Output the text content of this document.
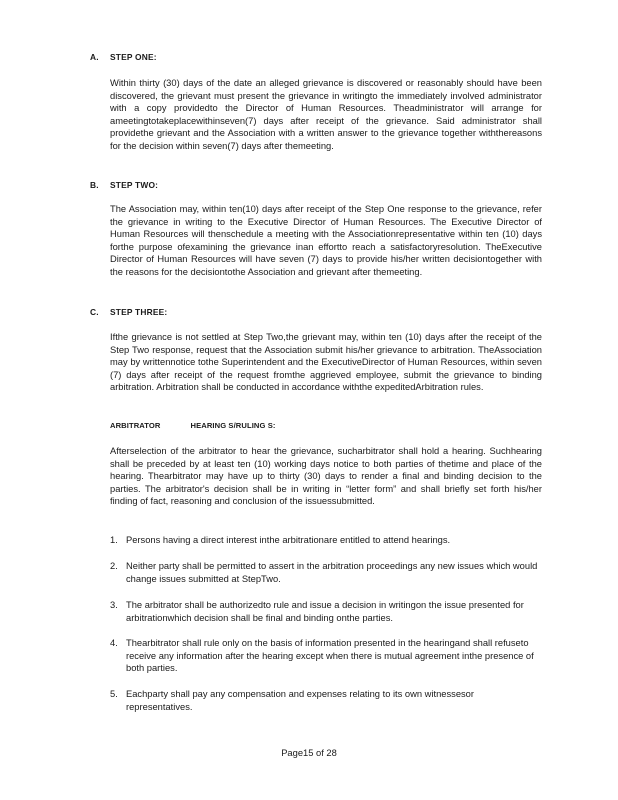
A. STEP ONE:
Within thirty (30) days of the date an alleged grievance is discovered or reasonably should have been discovered, the grievant must present the grievance in writingto the immediately involved administrator with a copy providedto the Director of Human Resources. Theadministrator will arrange for ameetingtotakeplacewithinseven(7) days after receipt of the grievance. Said administrator shall providethe grievant and the Association with a written answer to the grievance together withthereasons for the decision within seven(7) days after themeeting.
B. STEP TWO:
The Association may, within ten(10) days after receipt of the Step One response to the grievance, refer the grievance in writing to the Executive Director of Human Resources. The Executive Director of Human Resources will thenschedule a meeting with the Associationrepresentative within ten (10) days forthe purpose ofexamining the grievance inan effortto reach a satisfactoryresolution. TheExecutive Director of Human Resources will have seven (7) days to provide his/her written decisiontogether with the reasons for the decisiontothe Association and grievant after themeeting.
C. STEP THREE:
Ifthe grievance is not settled at Step Two,the grievant may, within ten (10) days after the receipt of the Step Two response, request that the Association submit his/her grievance to arbitration. TheAssociation may by writtennotice tothe Superintendent and the ExecutiveDirector of Human Resources, within seven (7) days after receipt of the request fromthe aggrieved employee, submit the grievance to binding arbitration. Arbitration shall be conducted in accordance withthe expeditedArbitration rules.
ARBITRATOR	HEARING S/RULING S:
Afterselection of the arbitrator to hear the grievance, sucharbitrator shall hold a hearing. Suchhearing shall be preceded by at least ten (10) working days notice to both parties of thetime and place of the hearing. Thearbitrator may have up to thirty (30) days to render a final and binding decision to the parties. The arbitrator's decision shall be in writing in “letter form” and shall briefly set forth his/her finding of fact, reasoning and conclusion of the issuessubmitted.
1. Persons having a direct interest inthe arbitrationare entitled to attend hearings.
2. Neither party shall be permitted to assert in the arbitration proceedings any new issues which would change issues submitted at StepTwo.
3. The arbitrator shall be authorizedto rule and issue a decision in writingon the issue presented for arbitrationwhich decision shall be final and binding onthe parties.
4. Thearbitrator shall rule only on the basis of information presented in the hearingand shall refuseto receive any information after the hearing except when there is mutual agreement inthe presence of both parties.
5. Eachparty shall pay any compensation and expenses relating to its own witnessesor representatives.
Page15 of 28
